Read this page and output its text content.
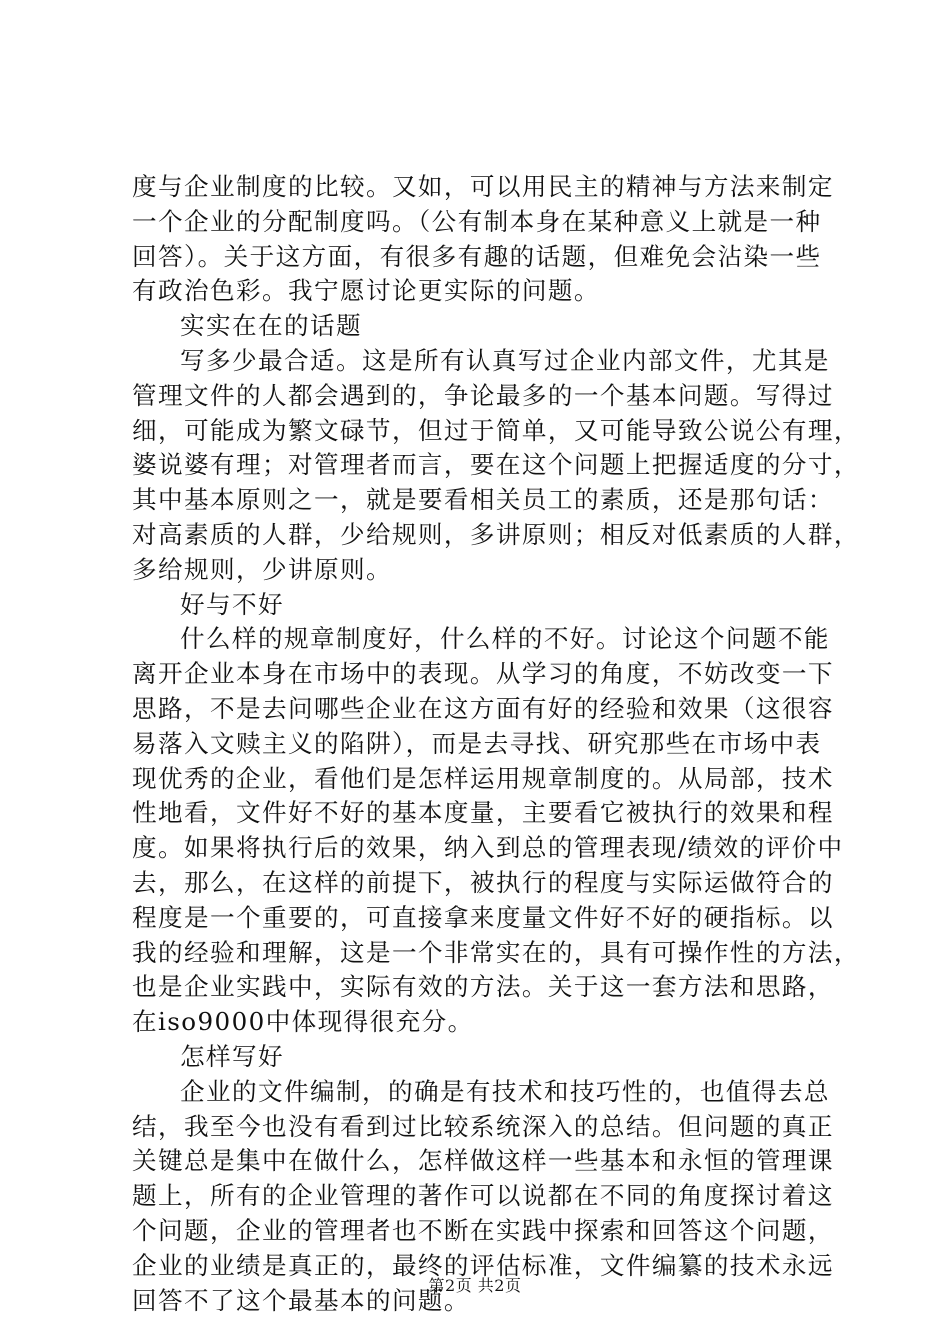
度与企业制度的比较。又如，可以用民主的精神与方法来制定
一个企业的分配制度吗。（公有制本身在某种意义上就是一种
回答）。关于这方面，有很多有趣的话题，但难免会沾染一些
有政治色彩。我宁愿讨论更实际的问题。
实实在在的话题
写多少最合适。这是所有认真写过企业内部文件，尤其是
管理文件的人都会遇到的，争论最多的一个基本问题。写得过
细，可能成为繁文碌节，但过于简单，又可能导致公说公有理，
婆说婆有理；对管理者而言，要在这个问题上把握适度的分寸，
其中基本原则之一，就是要看相关员工的素质，还是那句话：
对高素质的人群，少给规则，多讲原则；相反对低素质的人群，
多给规则，少讲原则。
好与不好
什么样的规章制度好，什么样的不好。讨论这个问题不能
离开企业本身在市场中的表现。从学习的角度，不妨改变一下
思路，不是去问哪些企业在这方面有好的经验和效果（这很容
易落入文赎主义的陷阱），而是去寻找、研究那些在市场中表
现优秀的企业，看他们是怎样运用规章制度的。从局部，技术
性地看，文件好不好的基本度量，主要看它被执行的效果和程
度。如果将执行后的效果，纳入到总的管理表现/绩效的评价中
去，那么，在这样的前提下，被执行的程度与实际运做符合的
程度是一个重要的，可直接拿来度量文件好不好的硬指标。以
我的经验和理解，这是一个非常实在的，具有可操作性的方法，
也是企业实践中，实际有效的方法。关于这一套方法和思路，
在iso9000中体现得很充分。
怎样写好
企业的文件编制，的确是有技术和技巧性的，也值得去总
结，我至今也没有看到过比较系统深入的总结。但问题的真正
关键总是集中在做什么，怎样做这样一些基本和永恒的管理课
题上，所有的企业管理的著作可以说都在不同的角度探讨着这
个问题，企业的管理者也不断在实践中探索和回答这个问题，
企业的业绩是真正的，最终的评估标准，文件编纂的技术永远
回答不了这个最基本的问题。
第2页 共2页
